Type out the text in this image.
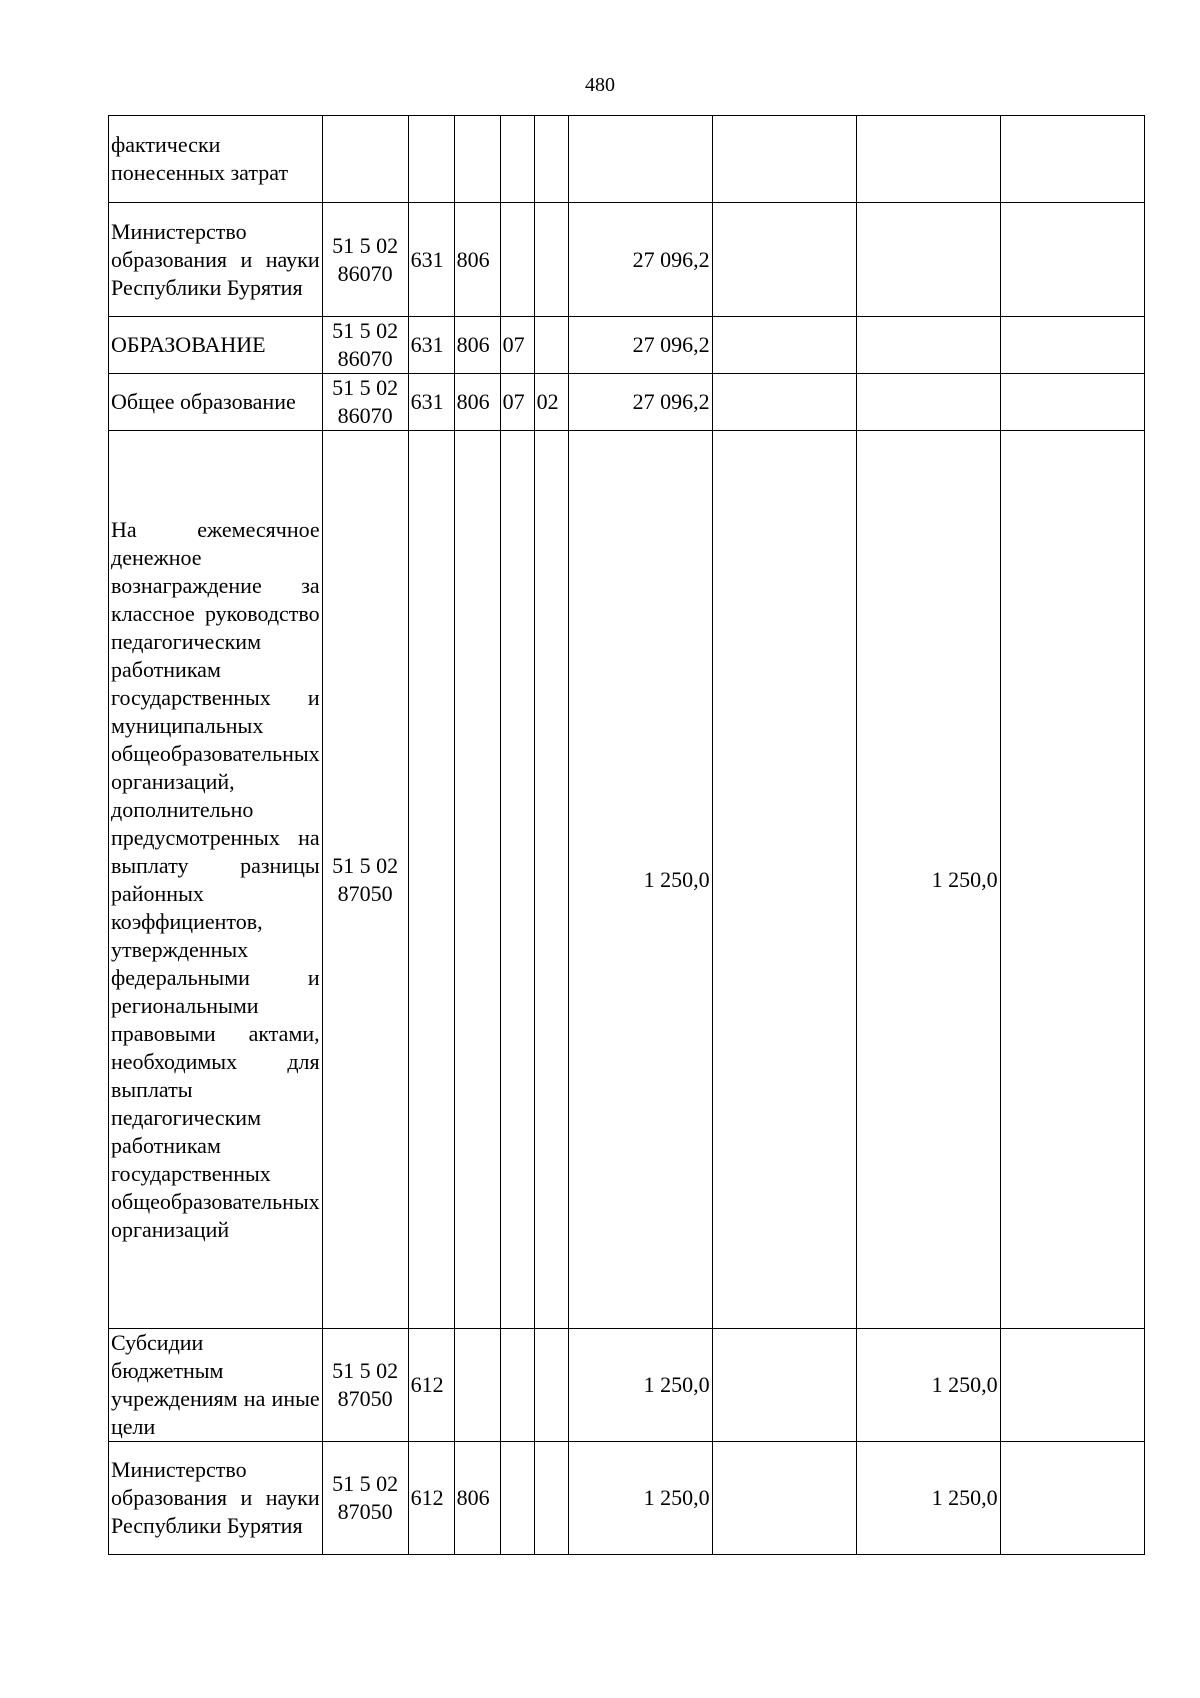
480
фактически понесенных затрат									
Министерство образования и науки Республики Бурятия	51 5 02 86070	631	806			27 096,2			
ОБРАЗОВАНИЕ	51 5 02 86070	631	806	07		27 096,2			
Общее образование	51 5 02 86070	631	806	07	02	27 096,2			
На ежемесячное денежное вознаграждение за классное руководство педагогическим работникам государственных и муниципальных общеобразовательных организаций, дополнительно предусмотренных на выплату разницы районных коэффициентов, утвержденных федеральными и региональными правовыми актами, необходимых для выплаты педагогическим работникам государственных общеобразовательных организаций	51 5 02 87050					1 250,0		1 250,0	
Субсидии бюджетным учреждениям на иные цели	51 5 02 87050	612				1 250,0		1 250,0	
Министерство образования и науки Республики Бурятия	51 5 02 87050	612	806			1 250,0		1 250,0	
